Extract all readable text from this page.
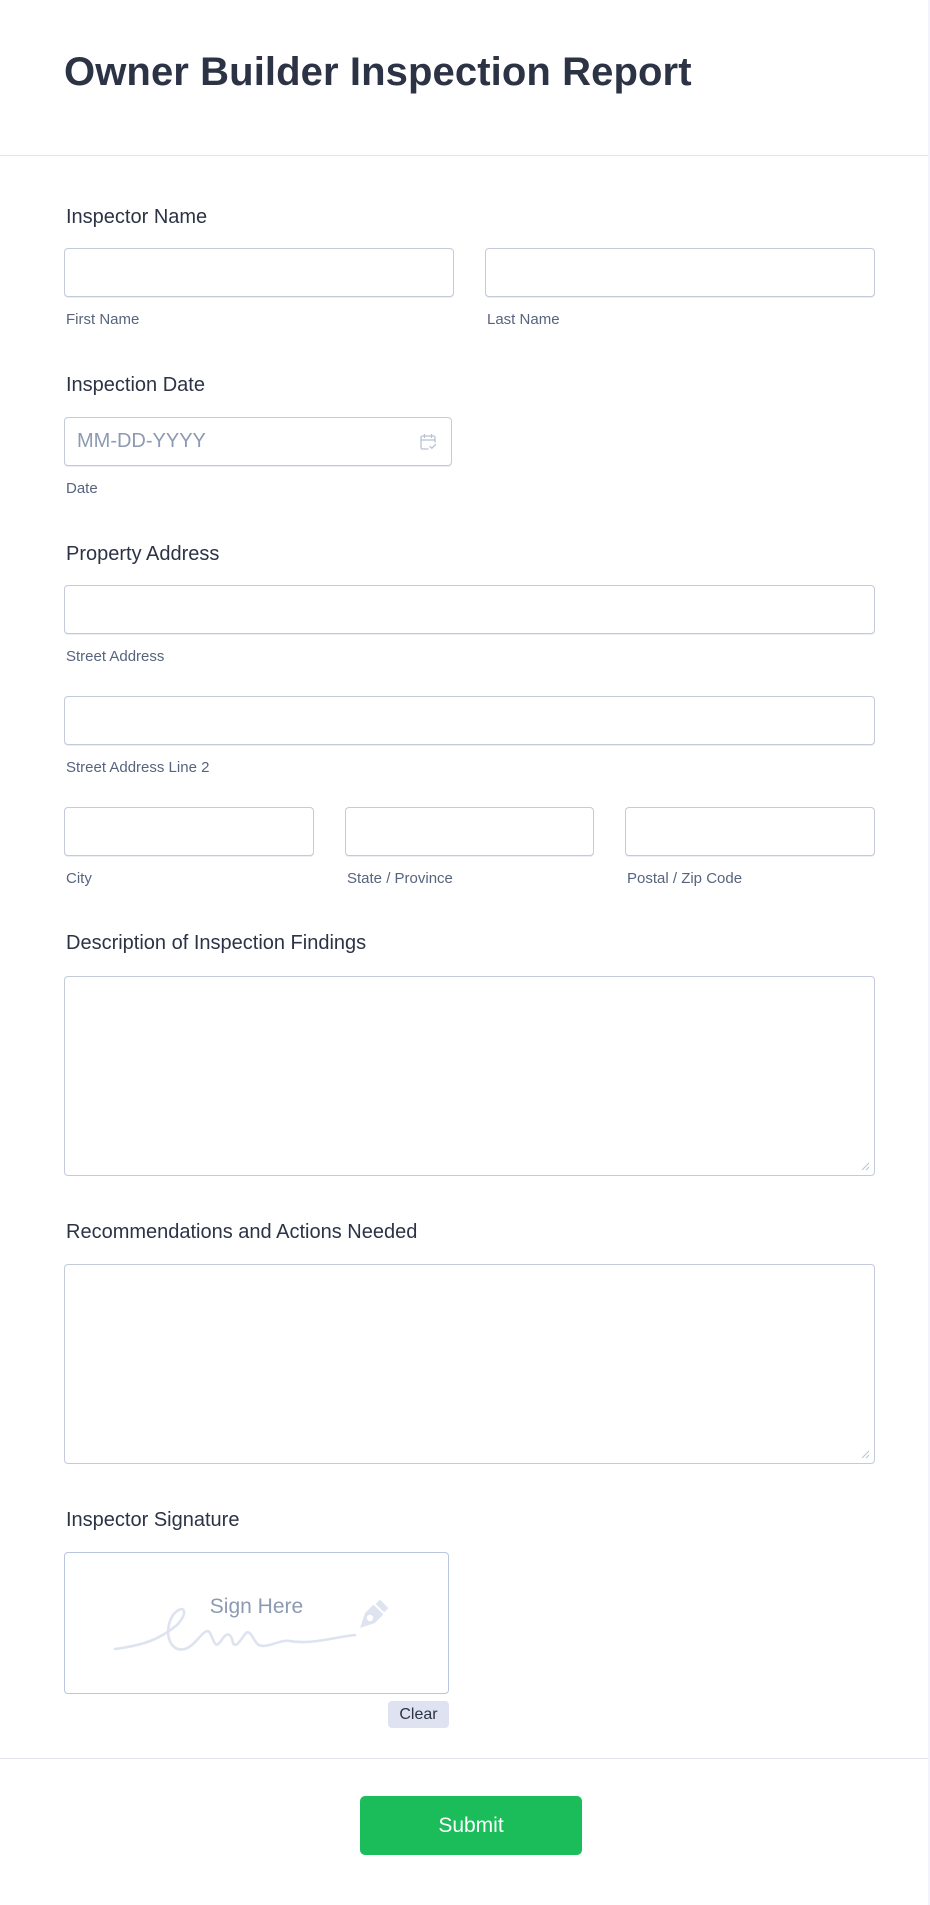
Owner Builder Inspection Report
Inspector Name
First Name	Last Name
Inspection Date
MM-DD-YYYY
Date
Property Address
Street Address
Street Address Line 2
City	State / Province	Postal / Zip Code
Description of Inspection Findings
Recommendations and Actions Needed
Inspector Signature
Sign Here
Clear
Submit
